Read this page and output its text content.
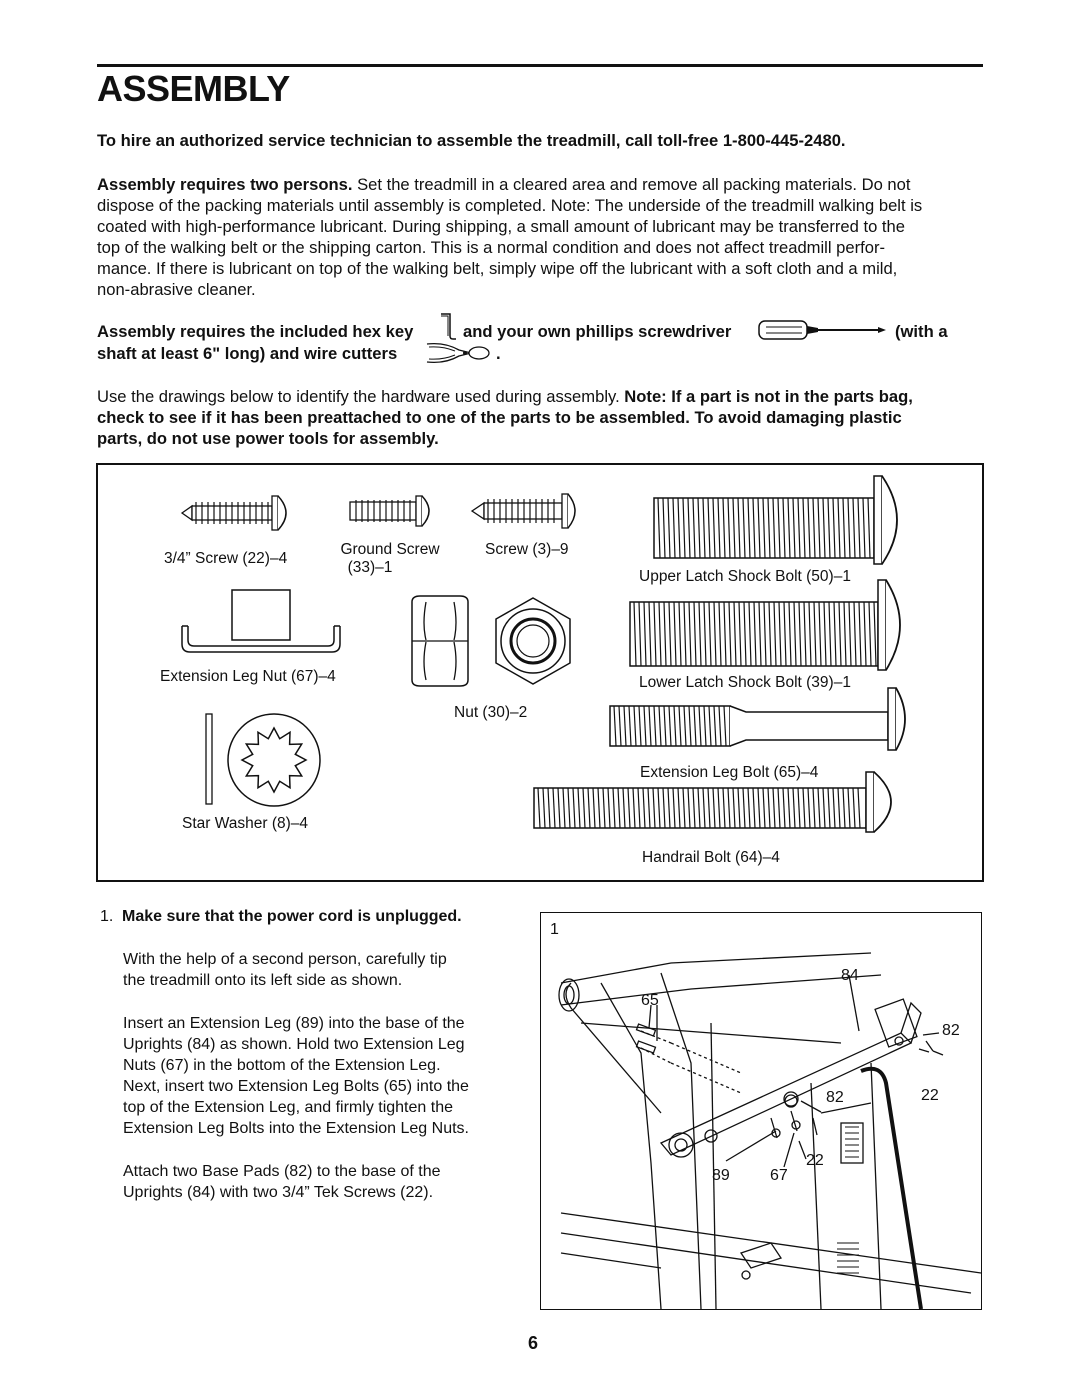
ASSEMBLY
To hire an authorized service technician to assemble the treadmill, call toll-free 1-800-445-2480.
Assembly requires two persons. Set the treadmill in a cleared area and remove all packing materials. Do not
dispose of the packing materials until assembly is completed. Note: The underside of the treadmill walking belt is
coated with high-performance lubricant. During shipping, a small amount of lubricant may be transferred to the
top of the walking belt or the shipping carton. This is a normal condition and does not affect treadmill perfor-
mance. If there is lubricant on top of the walking belt, simply wipe off the lubricant with a soft cloth and a mild,
non-abrasive cleaner.
Assembly requires the included hex key	and your own phillips screwdriver	(with a
shaft at least 6" long) and wire cutters	.
Use the drawings below to identify the hardware used during assembly. Note: If a part is not in the parts bag,
check to see if it has been preattached to one of the parts to be assembled. To avoid damaging plastic
parts, do not use power tools for assembly.
3/4” Screw (22)–4
Ground Screw
(33)–1
Screw (3)–9
Upper Latch Shock Bolt (50)–1
Extension Leg Nut (67)–4
Nut (30)–2
Lower Latch Shock Bolt (39)–1
Extension Leg Bolt (65)–4
Star Washer (8)–4
Handrail Bolt (64)–4
1. Make sure that the power cord is unplugged.
With the help of a second person, carefully tip
the treadmill onto its left side as shown.
Insert an Extension Leg (89) into the base of the
Uprights (84) as shown. Hold two Extension Leg
Nuts (67) in the bottom of the Extension Leg.
Next, insert two Extension Leg Bolts (65) into the
top of the Extension Leg, and firmly tighten the
Extension Leg Bolts into the Extension Leg Nuts.
Attach two Base Pads (82) to the base of the
Uprights (84) with two 3/4” Tek Screws (22).
1
84
65
82
82	22
22
89	67
6
